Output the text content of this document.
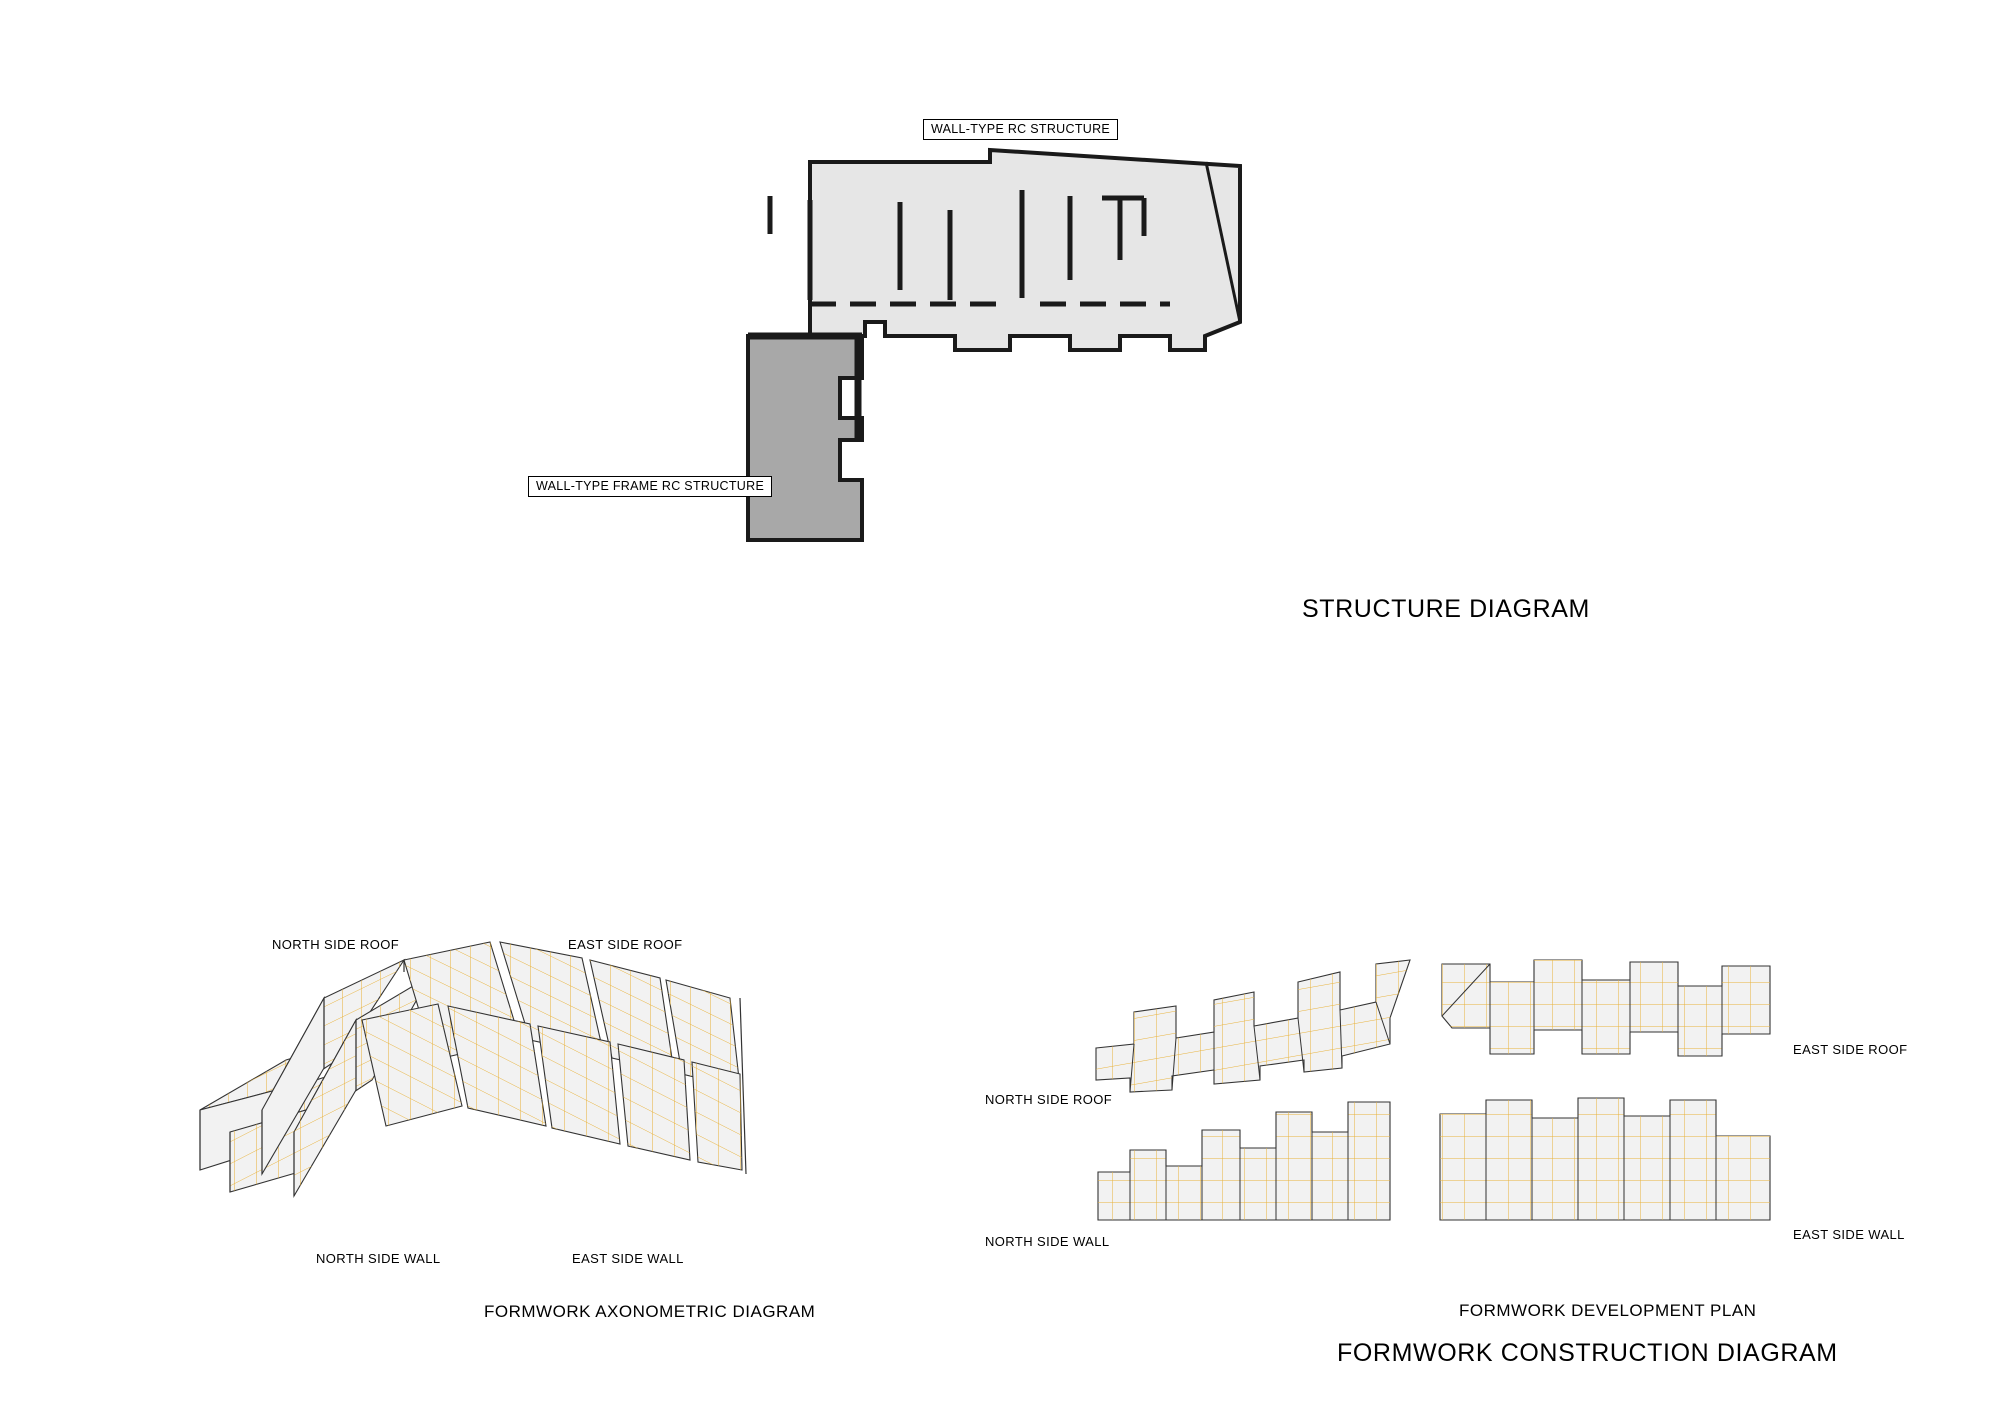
WALL-TYPE RC STRUCTURE
WALL-TYPE FRAME RC STRUCTURE
STRUCTURE DIAGRAM
NORTH SIDE ROOF	EAST SIDE ROOF
NORTH SIDE WALL	EAST SIDE WALL
FORMWORK AXONOMETRIC DIAGRAM
NORTH SIDE ROOF
NORTH SIDE WALL
EAST SIDE ROOF
EAST SIDE WALL
FORMWORK DEVELOPMENT PLAN
FORMWORK CONSTRUCTION DIAGRAM
